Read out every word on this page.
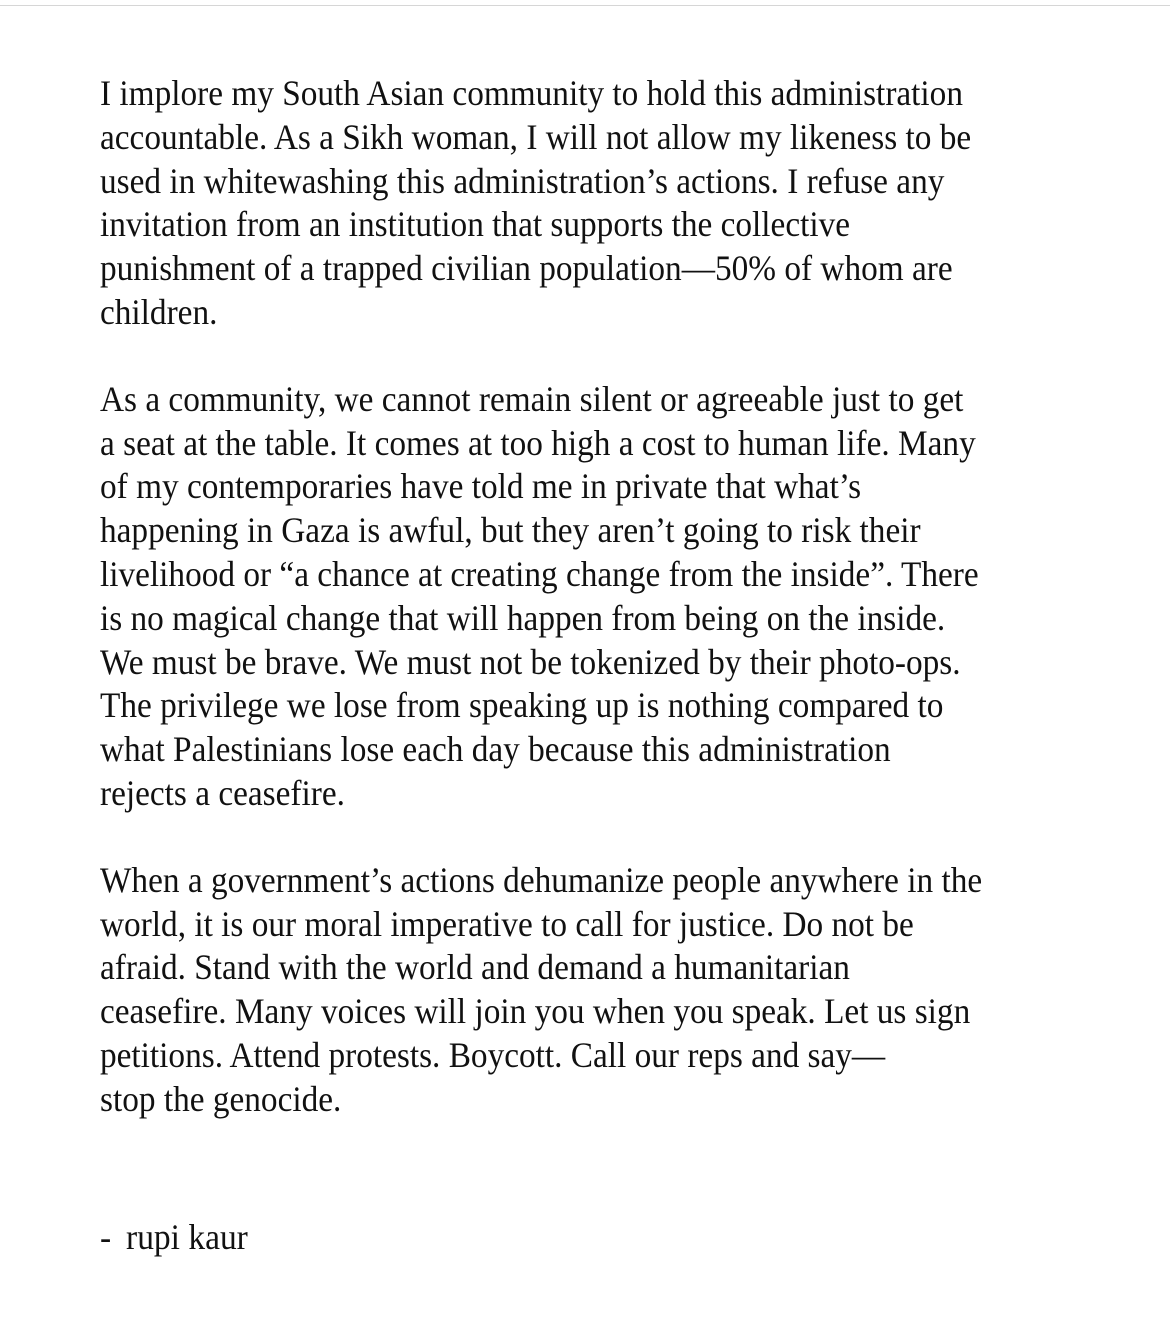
I implore my South Asian community to hold this administration
accountable. As a Sikh woman, I will not allow my likeness to be
used in whitewashing this administration’s actions. I refuse any
invitation from an institution that supports the collective
punishment of a trapped civilian population—50% of whom are
children.
As a community, we cannot remain silent or agreeable just to get
a seat at the table. It comes at too high a cost to human life. Many
of my contemporaries have told me in private that what’s
happening in Gaza is awful, but they aren’t going to risk their
livelihood or “a chance at creating change from the inside”. There
is no magical change that will happen from being on the inside.
We must be brave. We must not be tokenized by their photo-ops.
The privilege we lose from speaking up is nothing compared to
what Palestinians lose each day because this administration
rejects a ceasefire.
When a government’s actions dehumanize people anywhere in the
world, it is our moral imperative to call for justice. Do not be
afraid. Stand with the world and demand a humanitarian
ceasefire. Many voices will join you when you speak. Let us sign
petitions. Attend protests. Boycott. Call our reps and say—
stop the genocide.
- rupi kaur
